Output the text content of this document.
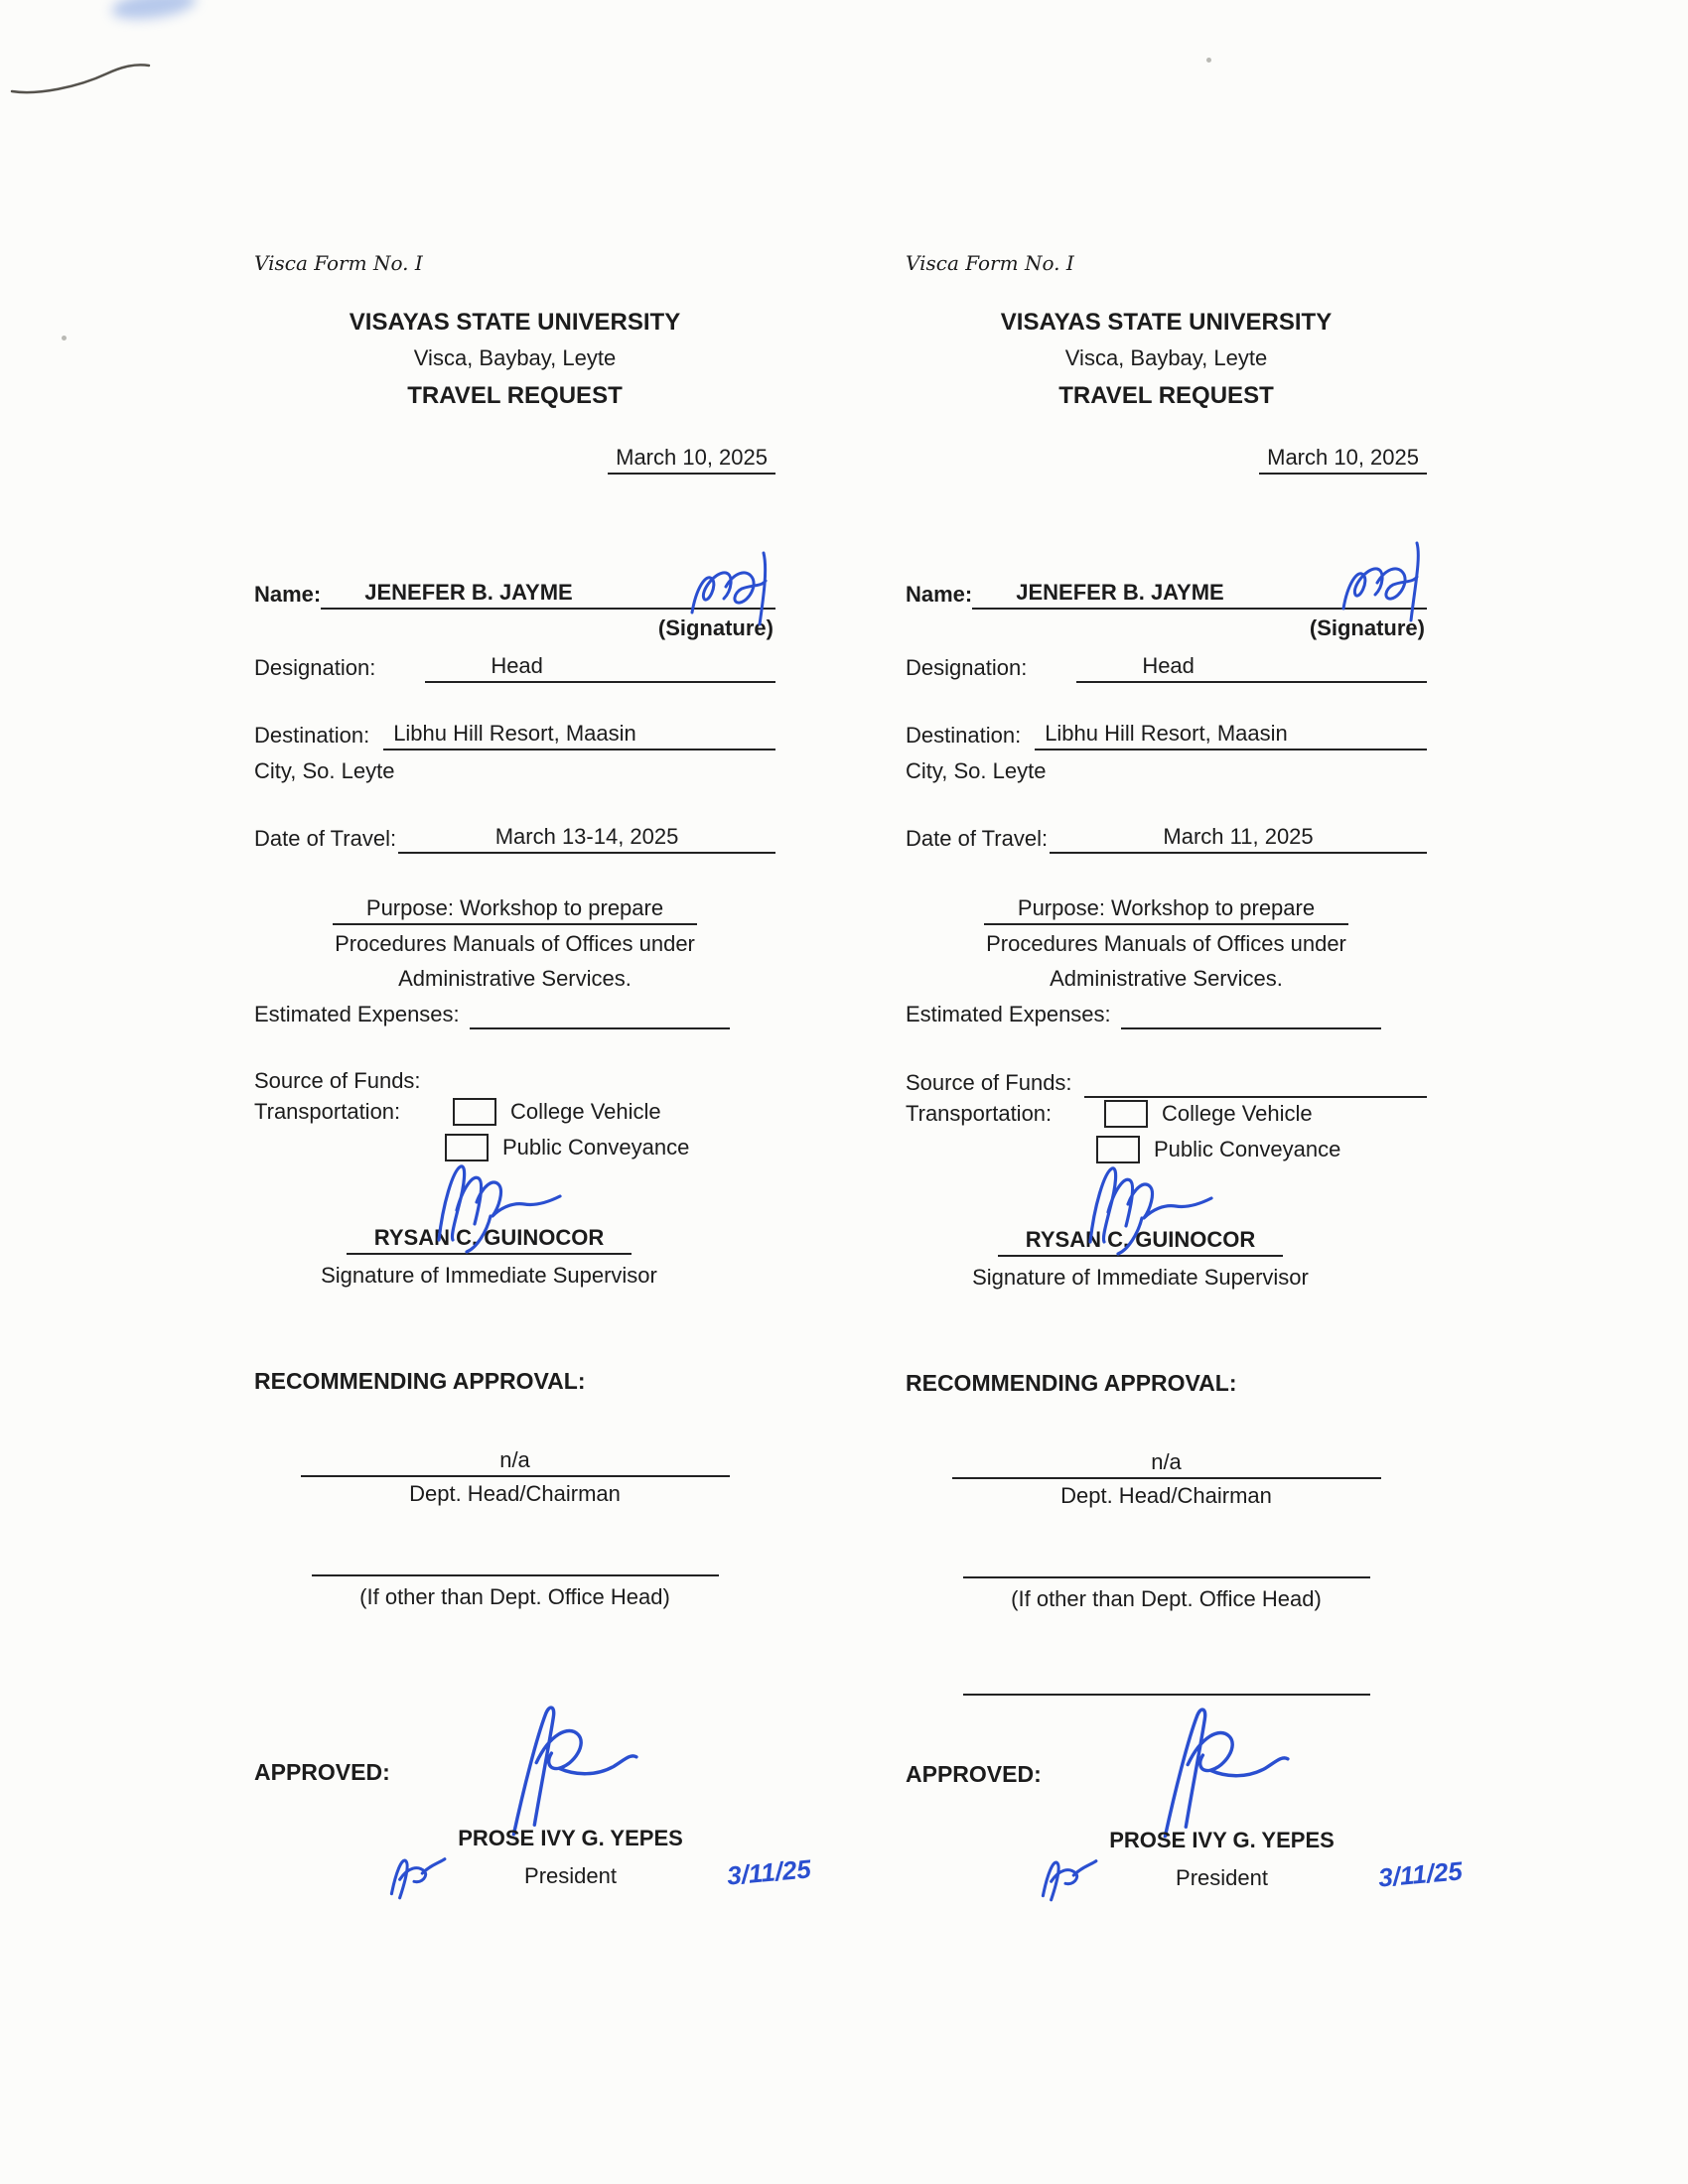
Visca Form No. I
VISAYAS STATE UNIVERSITY
Visca, Baybay, Leyte
TRAVEL REQUEST
March 10, 2025
Name:	JENEFER B. JAYME
(Signature)
Designation:	Head
Destination:	Libhu Hill Resort, Maasin
City, So. Leyte
Date of Travel:	March 13-14, 2025
Purpose: Workshop to prepare
Procedures Manuals of Offices under
Administrative Services.
Estimated Expenses:

Source of Funds:
Transportation:	College Vehicle
Public Conveyance
RYSAN C. GUINOCOR
Signature of Immediate Supervisor
RECOMMENDING APPROVAL:
n/a
Dept. Head/Chairman
(If other than Dept. Office Head)
APPROVED:
PROSE IVY G. YEPES
President	3/11/25
Visca Form No. I
VISAYAS STATE UNIVERSITY
Visca, Baybay, Leyte
TRAVEL REQUEST
March 10, 2025
Name:	JENEFER B. JAYME
(Signature)
Designation:	Head
Destination:	Libhu Hill Resort, Maasin
City, So. Leyte
Date of Travel:	March 11, 2025
Purpose: Workshop to prepare
Procedures Manuals of Offices under
Administrative Services.
Estimated Expenses:

Source of Funds:

Transportation:	College Vehicle
Public Conveyance
RYSAN C. GUINOCOR
Signature of Immediate Supervisor
RECOMMENDING APPROVAL:
n/a
Dept. Head/Chairman
(If other than Dept. Office Head)
APPROVED:
PROSE IVY G. YEPES
President	3/11/25
